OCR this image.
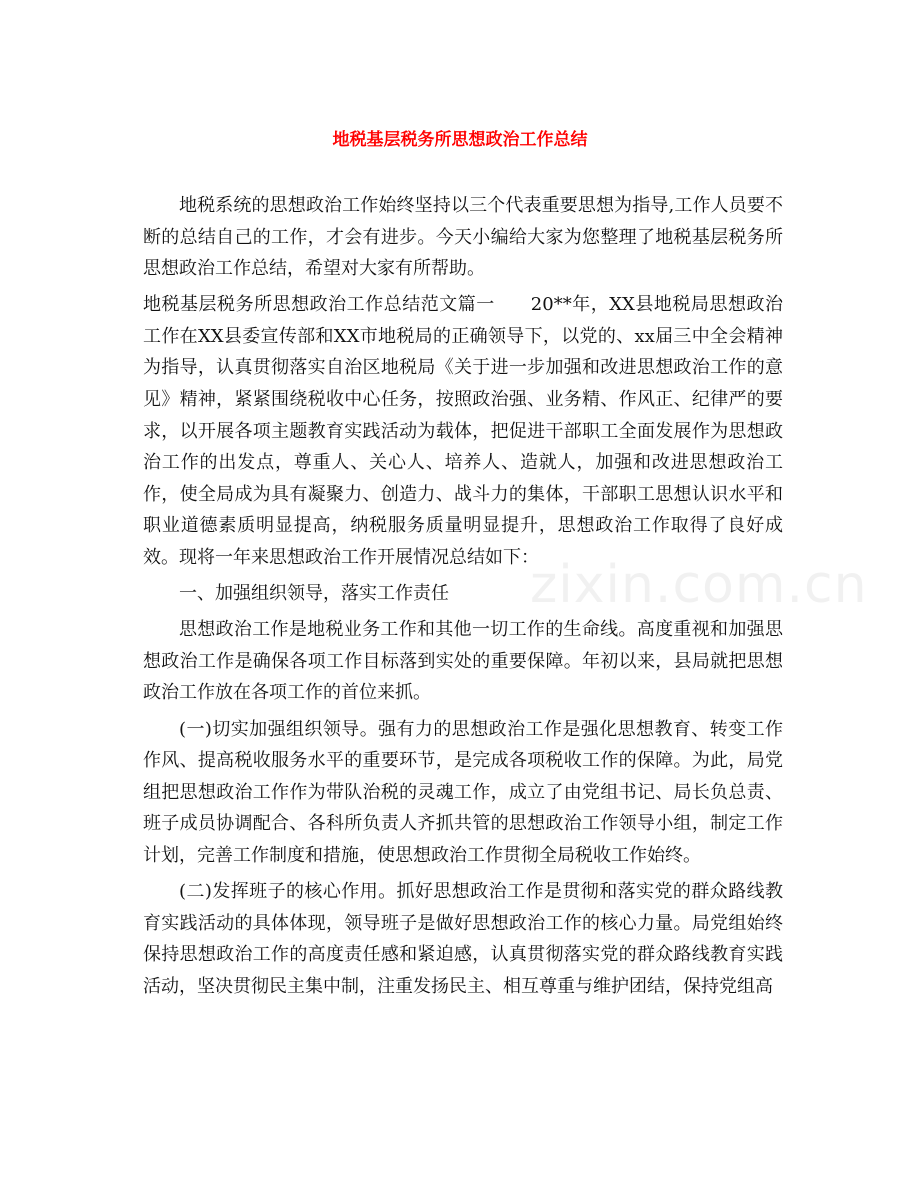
地税基层税务所思想政治工作总结

地税系统的思想政治工作始终坚持以三个代表重要思想为指导,工作人员要不断的总结自己的工作，才会有进步。今天小编给大家为您整理了地税基层税务所思想政治工作总结，希望对大家有所帮助。

地税基层税务所思想政治工作总结范文篇一 20**年，XX县地税局思想政治工作在XX县委宣传部和XX市地税局的正确领导下，以党的、xx届三中全会精神为指导，认真贯彻落实自治区地税局《关于进一步加强和改进思想政治工作的意见》精神，紧紧围绕税收中心任务，按照政治强、业务精、作风正、纪律严的要求，以开展各项主题教育实践活动为载体，把促进干部职工全面发展作为思想政治工作的出发点，尊重人、关心人、培养人、造就人，加强和改进思想政治工作，使全局成为具有凝聚力、创造力、战斗力的集体，干部职工思想认识水平和职业道德素质明显提高，纳税服务质量明显提升，思想政治工作取得了良好成效。现将一年来思想政治工作开展情况总结如下：

一、加强组织领导，落实工作责任

思想政治工作是地税业务工作和其他一切工作的生命线。高度重视和加强思想政治工作是确保各项工作目标落到实处的重要保障。年初以来，县局就把思想政治工作放在各项工作的首位来抓。

(一)切实加强组织领导。强有力的思想政治工作是强化思想教育、转变工作作风、提高税收服务水平的重要环节，是完成各项税收工作的保障。为此，局党组把思想政治工作作为带队治税的灵魂工作，成立了由党组书记、局长负总责、班子成员协调配合、各科所负责人齐抓共管的思想政治工作领导小组，制定工作计划，完善工作制度和措施，使思想政治工作贯彻全局税收工作始终。

(二)发挥班子的核心作用。抓好思想政治工作是贯彻和落实党的群众路线教育实践活动的具体体现，领导班子是做好思想政治工作的核心力量。局党组始终保持思想政治工作的高度责任感和紧迫感，认真贯彻落实党的群众路线教育实践活动，坚决贯彻民主集中制，注重发扬民主、相互尊重与维护团结，保持党组高

zixin.com.cn
